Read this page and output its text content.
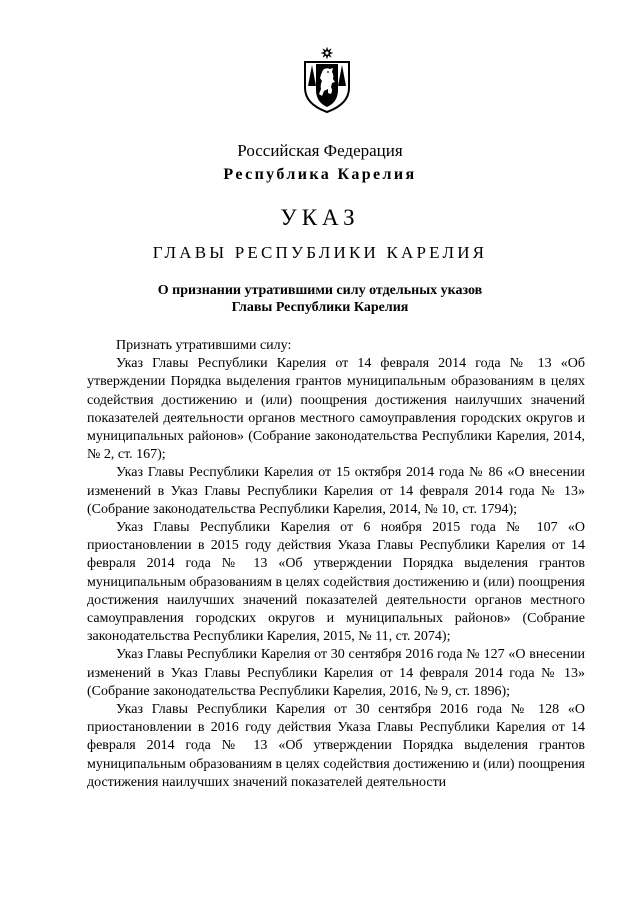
Российская Федерация
Республика Карелия
УКАЗ
ГЛАВЫ РЕСПУБЛИКИ КАРЕЛИЯ
О признании утратившими силу отдельных указов
Главы Республики Карелия

Признать утратившими силу:

Указ Главы Республики Карелия от 14 февраля 2014 года № 13 «Об утверждении Порядка выделения грантов муниципальным образованиям в целях содействия достижению и (или) поощрения достижения наилучших значений показателей деятельности органов местного самоуправления городских округов и муниципальных районов» (Собрание законодательства Республики Карелия, 2014, № 2, ст. 167);

Указ Главы Республики Карелия от 15 октября 2014 года № 86 «О внесении изменений в Указ Главы Республики Карелия от 14 февраля 2014 года № 13» (Собрание законодательства Республики Карелия, 2014, № 10, ст. 1794);

Указ Главы Республики Карелия от 6 ноября 2015 года № 107 «О приостановлении в 2015 году действия Указа Главы Республики Карелия от 14 февраля 2014 года № 13 «Об утверждении Порядка выделения грантов муниципальным образованиям в целях содействия достижению и (или) поощрения достижения наилучших значений показателей деятельности органов местного самоуправления городских округов и муниципальных районов» (Собрание законодательства Республики Карелия, 2015, № 11, ст. 2074);

Указ Главы Республики Карелия от 30 сентября 2016 года № 127 «О внесении изменений в Указ Главы Республики Карелия от 14 февраля 2014 года № 13» (Собрание законодательства Республики Карелия, 2016, № 9, ст. 1896);

Указ Главы Республики Карелия от 30 сентября 2016 года № 128 «О приостановлении в 2016 году действия Указа Главы Республики Карелия от 14 февраля 2014 года № 13 «Об утверждении Порядка выделения грантов муниципальным образованиям в целях содействия достижению и (или) поощрения достижения наилучших значений показателей деятельности
